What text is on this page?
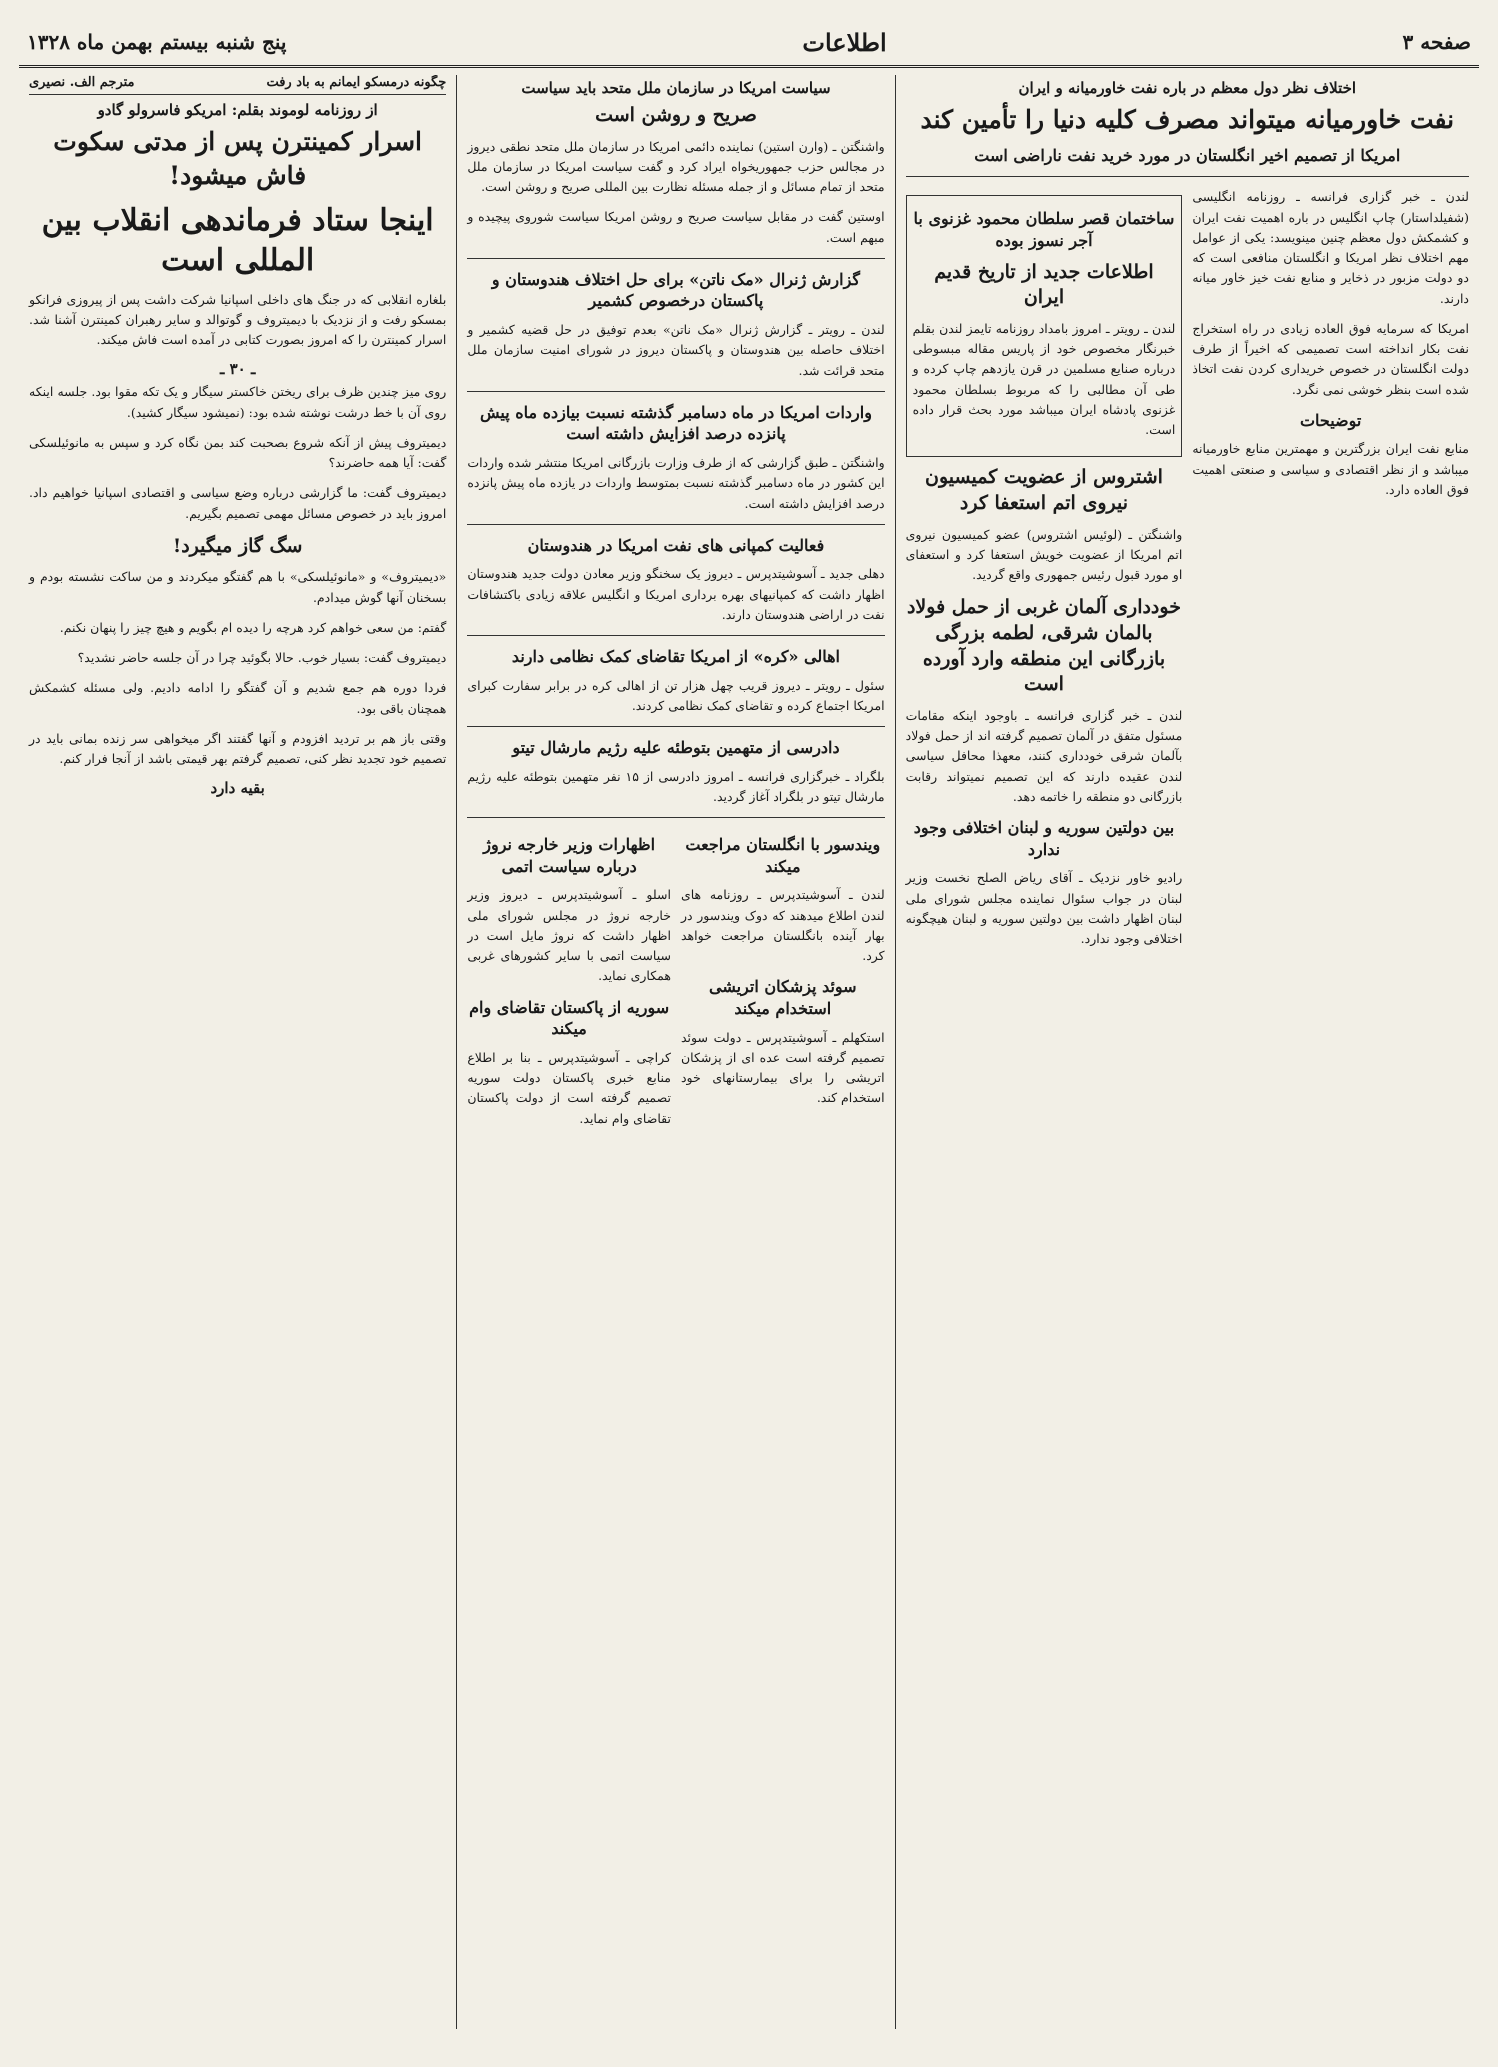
صفحه ۳
اطلاعات
پنج شنبه بیستم بهمن ماه ۱۳۲۸
اختلاف نظر دول معظم در باره نفت خاورمیانه و ایران
نفت خاورمیانه میتواند مصرف کلیه دنیا را تأمین کند
امریکا از تصمیم اخیر انگلستان در مورد خرید نفت ناراضی است

لندن ـ خبر گزاری فرانسه ـ روزنامه انگلیسی (شفیلداستار) چاپ انگلیس در باره اهمیت نفت ایران و کشمکش دول معظم چنین مینویسد: یکی از عوامل مهم اختلاف نظر امریکا و انگلستان منافعی است که دو دولت مزبور در ذخایر و منابع نفت خیز خاور میانه دارند.

امریکا که سرمایه فوق العاده زیادی در راه استخراج نفت بکار انداخته است تصمیمی که اخیراً از طرف دولت انگلستان در خصوص خریداری کردن نفت اتخاذ شده است بنظر خوشی نمی نگرد.

توضیحات

منابع نفت ایران بزرگترین و مهمترین منابع خاورمیانه میباشد و از نظر اقتصادی و سیاسی و صنعتی اهمیت فوق العاده دارد.

ساختمان قصر سلطان محمود غزنوی با آجر نسوز بوده
اطلاعات جدید از تاریخ قدیم ایران

لندن ـ رویتر ـ امروز بامداد روزنامه تایمز لندن بقلم خبرنگار مخصوص خود از پاریس مقاله مبسوطی درباره صنایع مسلمین در قرن یازدهم چاپ کرده و طی آن مطالبی را که مربوط بسلطان محمود غزنوی پادشاه ایران میباشد مورد بحث قرار داده است.

اشتروس از عضویت کمیسیون نیروی اتم استعفا کرد

واشنگتن ـ (لوئیس اشتروس) عضو کمیسیون نیروی اتم امریکا از عضویت خویش استعفا کرد و استعفای او مورد قبول رئیس جمهوری واقع گردید.

خودداری آلمان غربی از حمل فولاد بالمان شرقی، لطمه بزرگی بازرگانی این منطقه وارد آورده است

لندن ـ خبر گزاری فرانسه ـ باوجود اینکه مقامات مسئول متفق در آلمان تصمیم گرفته اند از حمل فولاد بآلمان شرقی خودداری کنند، معهذا محافل سیاسی لندن عقیده دارند که این تصمیم نمیتواند رقابت بازرگانی دو منطقه را خاتمه دهد.

بین دولتین سوریه و لبنان اختلافی وجود ندارد

رادیو خاور نزدیک ـ آقای ریاض الصلح نخست وزیر لبنان در جواب سئوال نماینده مجلس شورای ملی لبنان اظهار داشت بین دولتین سوریه و لبنان هیچگونه اختلافی وجود ندارد.

سیاست امریکا در سازمان ملل متحد باید سیاست
صریح و روشن است

واشنگتن ـ (وارن استین) نماینده دائمی امریکا در سازمان ملل متحد نطقی دیروز در مجالس حزب جمهوریخواه ایراد کرد و گفت سیاست امریکا در سازمان ملل متحد از تمام مسائل و از جمله مسئله نظارت بین المللی صریح و روشن است.

اوستین گفت در مقابل سیاست صریح و روشن امریکا سیاست شوروی پیچیده و مبهم است.

گزارش ژنرال «مک ناتن» برای حل اختلاف هندوستان و پاکستان درخصوص کشمیر

لندن ـ رویتر ـ گزارش ژنرال «مک ناتن» بعدم توفیق در حل قضیه کشمیر و اختلاف حاصله بین هندوستان و پاکستان دیروز در شورای امنیت سازمان ملل متحد قرائت شد.

واردات امریکا در ماه دسامبر گذشته نسبت بیازده ماه پیش پانزده درصد افزایش داشته است

واشنگتن ـ طبق گزارشی که از طرف وزارت بازرگانی امریکا منتشر شده واردات این کشور در ماه دسامبر گذشته نسبت بمتوسط واردات در یازده ماه پیش پانزده درصد افزایش داشته است.

فعالیت کمپانی های نفت امریکا در هندوستان

دهلی جدید ـ آسوشیتدپرس ـ دیروز یک سخنگو وزیر معادن دولت جدید هندوستان اظهار داشت که کمپانیهای بهره برداری امریکا و انگلیس علاقه زیادی باکتشافات نفت در اراضی هندوستان دارند.

اهالی «کره» از امریکا تقاضای کمک نظامی دارند

سئول ـ رویتر ـ دیروز قریب چهل هزار تن از اهالی کره در برابر سفارت کبرای امریکا اجتماع کرده و تقاضای کمک نظامی کردند.

دادرسی از متهمین بتوطئه علیه رژیم مارشال تیتو

بلگراد ـ خبرگزاری فرانسه ـ امروز دادرسی از ۱۵ نفر متهمین بتوطئه علیه رژیم مارشال تیتو در بلگراد آغاز گردید.

ویندسور با انگلستان مراجعت میکند

لندن ـ آسوشیتدپرس ـ روزنامه های لندن اطلاع میدهند که دوک ویندسور در بهار آینده بانگلستان مراجعت خواهد کرد.

سوئد پزشکان اتریشی استخدام میکند

استکهلم ـ آسوشیتدپرس ـ دولت سوئد تصمیم گرفته است عده ای از پزشکان اتریشی را برای بیمارستانهای خود استخدام کند.

اظهارات وزیر خارجه نروژ درباره سیاست اتمی

اسلو ـ آسوشیتدپرس ـ دیروز وزیر خارجه نروژ در مجلس شورای ملی اظهار داشت که نروژ مایل است در سیاست اتمی با سایر کشورهای غربی همکاری نماید.

سوریه از پاکستان تقاضای وام میکند

کراچی ـ آسوشیتدپرس ـ بنا بر اطلاع منابع خبری پاکستان دولت سوریه تصمیم گرفته است از دولت پاکستان تقاضای وام نماید.

چگونه درمسکو ایمانم به باد رفت
مترجم الف. نصیری
از روزنامه لوموند بقلم: امریکو فاسرولو گادو
اسرار کمینترن پس از مدتی سکوت فاش میشود!
اینجا ستاد فرماندهی انقلاب بین المللی است

بلغاره انقلابی که در جنگ های داخلی اسپانیا شرکت داشت پس از پیروزی فرانکو بمسکو رفت و از نزدیک با دیمیتروف و گوتوالد و سایر رهبران کمینترن آشنا شد. اسرار کمینترن را که امروز بصورت کتابی در آمده است فاش میکند.

ـ ۳۰ ـ

روی میز چندین ظرف برای ریختن خاکستر سیگار و یک تکه مقوا بود. جلسه اینکه روی آن با خط درشت نوشته شده بود: (نمیشود سیگار کشید).

دیمیتروف پیش از آنکه شروع بصحبت کند بمن نگاه کرد و سپس به مانوئیلسکی گفت: آیا همه حاضرند؟

دیمیتروف گفت: ما گزارشی درباره وضع سیاسی و اقتصادی اسپانیا خواهیم داد. امروز باید در خصوص مسائل مهمی تصمیم بگیریم.

سگ گاز میگیرد!

«دیمیتروف» و «مانوئیلسکی» با هم گفتگو میکردند و من ساکت نشسته بودم و بسخنان آنها گوش میدادم.

گفتم: من سعی خواهم کرد هرچه را دیده ام بگویم و هیچ چیز را پنهان نکنم.

دیمیتروف گفت: بسیار خوب. حالا بگوئید چرا در آن جلسه حاضر نشدید؟

فردا دوره هم جمع شدیم و آن گفتگو را ادامه دادیم. ولی مسئله کشمکش همچنان باقی بود.

وقتی باز هم بر تردید افزودم و آنها گفتند اگر میخواهی سر زنده بمانی باید در تصمیم خود تجدید نظر کنی، تصمیم گرفتم بهر قیمتی باشد از آنجا فرار کنم.

بقیه دارد
